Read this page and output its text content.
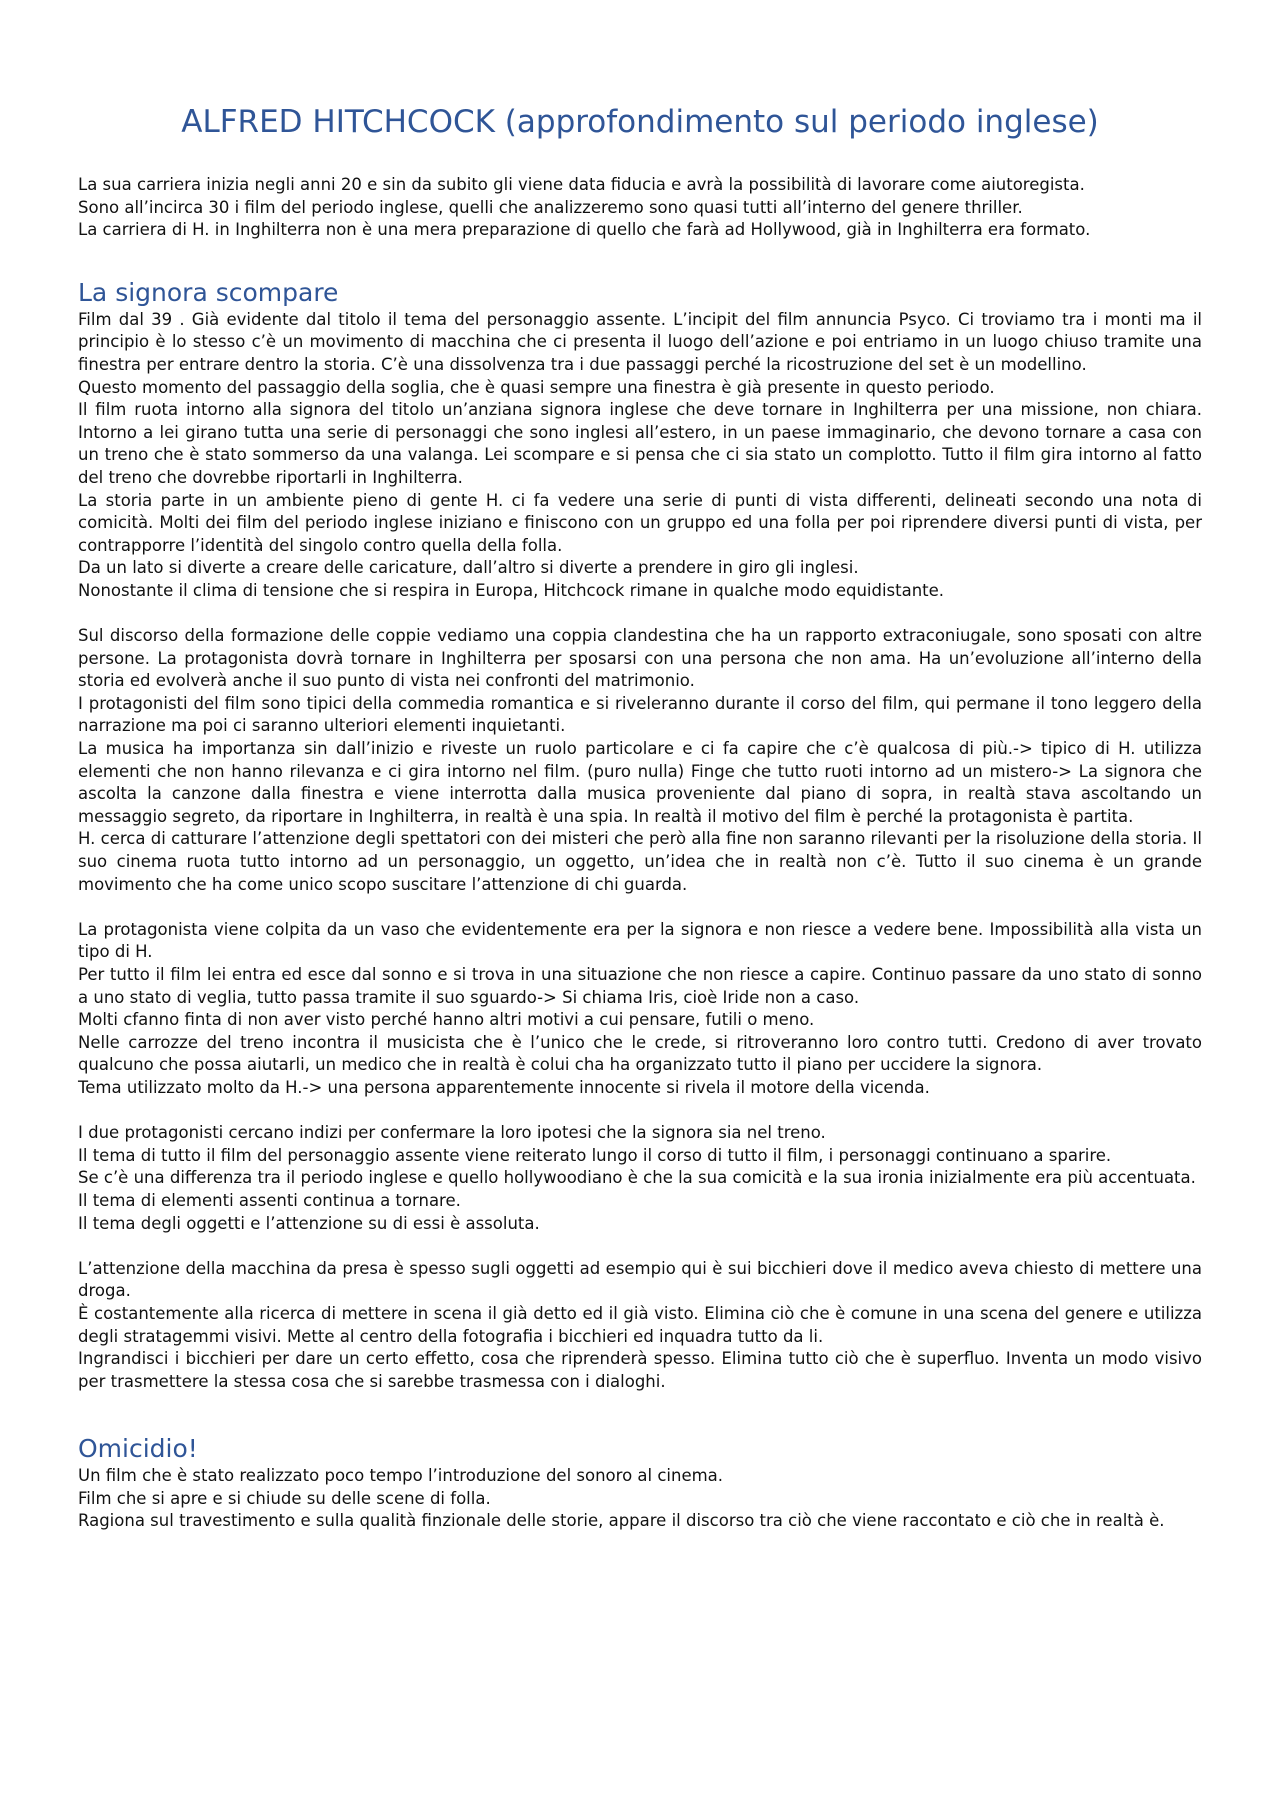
ALFRED HITCHCOCK (approfondimento sul periodo inglese)

La sua carriera inizia negli anni 20 e sin da subito gli viene data fiducia e avrà la possibilità di lavorare come aiutoregista.

Sono all’incirca 30 i film del periodo inglese, quelli che analizzeremo sono quasi tutti all’interno del genere thriller.

La carriera di H. in Inghilterra non è una mera preparazione di quello che farà ad Hollywood, già in Inghilterra era formato.

La signora scompare

Film dal 39 . Già evidente dal titolo il tema del personaggio assente. L’incipit del film annuncia Psyco. Ci troviamo tra i monti ma il principio è lo stesso c’è un movimento di macchina che ci presenta il luogo dell’azione e poi entriamo in un luogo chiuso tramite una finestra per entrare dentro la storia. C’è una dissolvenza tra i due passaggi perché la ricostruzione del set è un modellino.

Questo momento del passaggio della soglia, che è quasi sempre una finestra è già presente in questo periodo.

Il film ruota intorno alla signora del titolo un’anziana signora inglese che deve tornare in Inghilterra per una missione, non chiara. Intorno a lei girano tutta una serie di personaggi che sono inglesi all’estero, in un paese immaginario, che devono tornare a casa con un treno che è stato sommerso da una valanga. Lei scompare e si pensa che ci sia stato un complotto. Tutto il film gira intorno al fatto del treno che dovrebbe riportarli in Inghilterra.

La storia parte in un ambiente pieno di gente H. ci fa vedere una serie di punti di vista differenti, delineati secondo una nota di comicità. Molti dei film del periodo inglese iniziano e finiscono con un gruppo ed una folla per poi riprendere diversi punti di vista, per contrapporre l’identità del singolo contro quella della folla.

Da un lato si diverte a creare delle caricature, dall’altro si diverte a prendere in giro gli inglesi.

Nonostante il clima di tensione che si respira in Europa, Hitchcock rimane in qualche modo equidistante.

Sul discorso della formazione delle coppie vediamo una coppia clandestina che ha un rapporto extraconiugale, sono sposati con altre persone. La protagonista dovrà tornare in Inghilterra per sposarsi con una persona che non ama. Ha un’evoluzione all’interno della storia ed evolverà anche il suo punto di vista nei confronti del matrimonio.

I protagonisti del film sono tipici della commedia romantica e si riveleranno durante il corso del film, qui permane il tono leggero della narrazione ma poi ci saranno ulteriori elementi inquietanti.

La musica ha importanza sin dall’inizio e riveste un ruolo particolare e ci fa capire che c’è qualcosa di più.-> tipico di H. utilizza elementi che non hanno rilevanza e ci gira intorno nel film. (puro nulla) Finge che tutto ruoti intorno ad un mistero-> La signora che ascolta la canzone dalla finestra e viene interrotta dalla musica proveniente dal piano di sopra, in realtà stava ascoltando un messaggio segreto, da riportare in Inghilterra, in realtà è una spia. In realtà il motivo del film è perché la protagonista è partita.

H. cerca di catturare l’attenzione degli spettatori con dei misteri che però alla fine non saranno rilevanti per la risoluzione della storia. Il suo cinema ruota tutto intorno ad un personaggio, un oggetto, un’idea che in realtà non c’è. Tutto il suo cinema è un grande movimento che ha come unico scopo suscitare l’attenzione di chi guarda.

La protagonista viene colpita da un vaso che evidentemente era per la signora e non riesce a vedere bene. Impossibilità alla vista un tipo di H.

Per tutto il film lei entra ed esce dal sonno e si trova in una situazione che non riesce a capire. Continuo passare da uno stato di sonno a uno stato di veglia, tutto passa tramite il suo sguardo-> Si chiama Iris, cioè Iride non a caso.

Molti cfanno finta di non aver visto perché hanno altri motivi a cui pensare, futili o meno.

Nelle carrozze del treno incontra il musicista che è l’unico che le crede, si ritroveranno loro contro tutti. Credono di aver trovato qualcuno che possa aiutarli, un medico che in realtà è colui cha ha organizzato tutto il piano per uccidere la signora.

Tema utilizzato molto da H.-> una persona apparentemente innocente si rivela il motore della vicenda.

I due protagonisti cercano indizi per confermare la loro ipotesi che la signora sia nel treno.

Il tema di tutto il film del personaggio assente viene reiterato lungo il corso di tutto il film, i personaggi continuano a sparire.

Se c’è una differenza tra il periodo inglese e quello hollywoodiano è che la sua comicità e la sua ironia inizialmente era più accentuata.

Il tema di elementi assenti continua a tornare.

Il tema degli oggetti e l’attenzione su di essi è assoluta.

L’attenzione della macchina da presa è spesso sugli oggetti ad esempio qui è sui bicchieri dove il medico aveva chiesto di mettere una droga.

È costantemente alla ricerca di mettere in scena il già detto ed il già visto. Elimina ciò che è comune in una scena del genere e utilizza degli stratagemmi visivi. Mette al centro della fotografia i bicchieri ed inquadra tutto da li.

Ingrandisci i bicchieri per dare un certo effetto, cosa che riprenderà spesso. Elimina tutto ciò che è superfluo. Inventa un modo visivo per trasmettere la stessa cosa che si sarebbe trasmessa con i dialoghi.

Omicidio!

Un film che è stato realizzato poco tempo l’introduzione del sonoro al cinema.

Film che si apre e si chiude su delle scene di folla.

Ragiona sul travestimento e sulla qualità finzionale delle storie, appare il discorso tra ciò che viene raccontato e ciò che in realtà è.
